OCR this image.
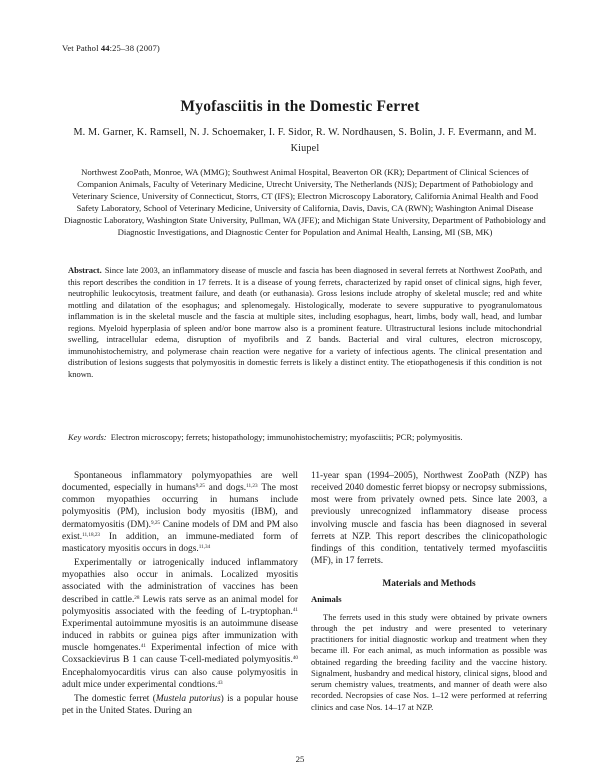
Vet Pathol 44:25–38 (2007)
Myofasciitis in the Domestic Ferret
M. M. Garner, K. Ramsell, N. J. Schoemaker, I. F. Sidor, R. W. Nordhausen, S. Bolin, J. F. Evermann, and M. Kiupel
Northwest ZooPath, Monroe, WA (MMG); Southwest Animal Hospital, Beaverton OR (KR); Department of Clinical Sciences of Companion Animals, Faculty of Veterinary Medicine, Utrecht University, The Netherlands (NJS); Department of Pathobiology and Veterinary Science, University of Connecticut, Storrs, CT (IFS); Electron Microscopy Laboratory, California Animal Health and Food Safety Laboratory, School of Veterinary Medicine, University of California, Davis, Davis, CA (RWN); Washington Animal Disease Diagnostic Laboratory, Washington State University, Pullman, WA (JFE); and Michigan State University, Department of Pathobiology and Diagnostic Investigations, and Diagnostic Center for Population and Animal Health, Lansing, MI (SB, MK)
Abstract. Since late 2003, an inflammatory disease of muscle and fascia has been diagnosed in several ferrets at Northwest ZooPath, and this report describes the condition in 17 ferrets. It is a disease of young ferrets, characterized by rapid onset of clinical signs, high fever, neutrophilic leukocytosis, treatment failure, and death (or euthanasia). Gross lesions include atrophy of skeletal muscle; red and white mottling and dilatation of the esophagus; and splenomegaly. Histologically, moderate to severe suppurative to pyogranulomatous inflammation is in the skeletal muscle and the fascia at multiple sites, including esophagus, heart, limbs, body wall, head, and lumbar regions. Myeloid hyperplasia of spleen and/or bone marrow also is a prominent feature. Ultrastructural lesions include mitochondrial swelling, intracellular edema, disruption of myofibrils and Z bands. Bacterial and viral cultures, electron microscopy, immunohistochemistry, and polymerase chain reaction were negative for a variety of infectious agents. The clinical presentation and distribution of lesions suggests that polymyositis in domestic ferrets is likely a distinct entity. The etiopathogenesis if this condition is not known.
Key words: Electron microscopy; ferrets; histopathology; immunohistochemistry; myofasciitis; PCR; polymyositis.

Spontaneous inflammatory polymyopathies are well documented, especially in humans$^{9,25}$ and dogs.$^{11,23}$ The most common myopathies occurring in humans include polymyositis (PM), inclusion body myositis (IBM), and dermatomyositis (DM).$^{9,25}$ Canine models of DM and PM also exist.$^{11,18,23}$ In addition, an immune-mediated form of masticatory myositis occurs in dogs.$^{11,34}$

Experimentally or iatrogenically induced inflammatory myopathies also occur in animals. Localized myositis associated with the administration of vaccines has been described in cattle.$^{28}$ Lewis rats serve as an animal model for polymyositis associated with the feeding of L-tryptophan.$^{41}$ Experimental autoimmune myositis is an autoimmune disease induced in rabbits or guinea pigs after immunization with muscle homgenates.$^{41}$ Experimental infection of mice with Coxsackievirus B 1 can cause T-cell-mediated polymyositis.$^{40}$ Encephalomyocarditis virus can also cause polymyositis in adult mice under experimental condtions.$^{43}$

The domestic ferret (Mustela putorius) is a popular house pet in the United States. During an

11-year span (1994–2005), Northwest ZooPath (NZP) has received 2040 domestic ferret biopsy or necropsy submissions, most were from privately owned pets. Since late 2003, a previously unrecognized inflammatory disease process involving muscle and fascia has been diagnosed in several ferrets at NZP. This report describes the clinicopathologic findings of this condition, tentatively termed myofasciitis (MF), in 17 ferrets.

Materials and Methods
Animals

The ferrets used in this study were obtained by private owners through the pet industry and were presented to veterinary practitioners for initial diagnostic workup and treatment when they became ill. For each animal, as much information as possible was obtained regarding the breeding facility and the vaccine history. Signalment, husbandry and medical history, clinical signs, blood and serum chemistry values, treatments, and manner of death were also recorded. Necropsies of case Nos. 1–12 were performed at referring clinics and case Nos. 14–17 at NZP.

25
